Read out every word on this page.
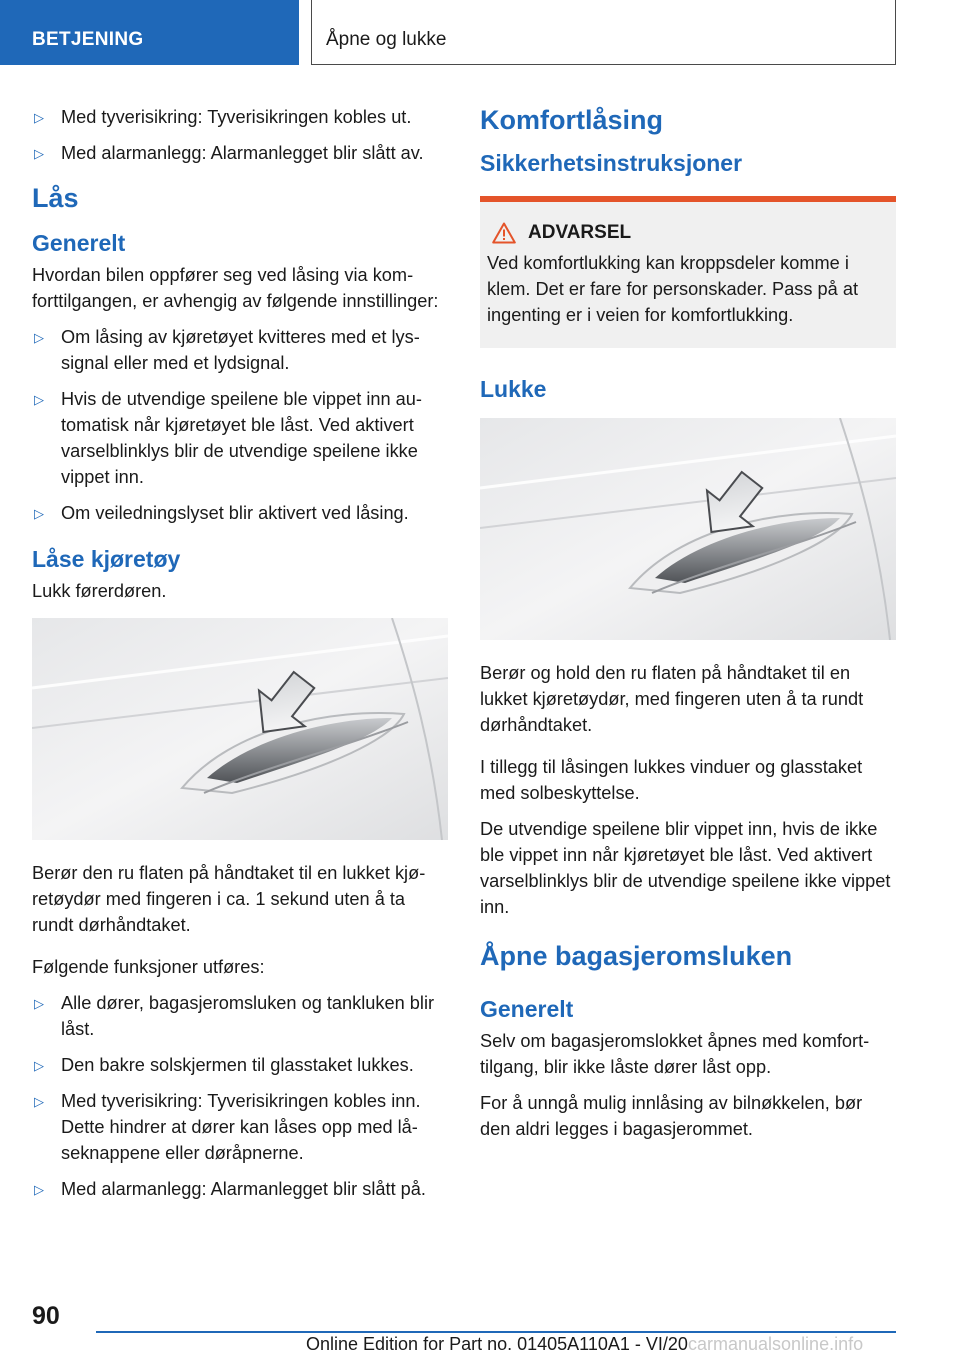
BETJENING	Åpne og lukke
▷ Med tyverisikring: Tyverisikringen kobles ut.
▷ Med alarmanlegg: Alarmanlegget blir slått av.
Lås
Generelt

Hvordan bilen oppfører seg ved låsing via komforttilgangen, er avhengig av følgende innstillinger:

▷ Om låsing av kjøretøyet kvitteres med et lyssignal eller med et lydsignal.
▷ Hvis de utvendige speilene ble vippet inn automatisk når kjøretøyet ble låst. Ved aktivert varselblinklys blir de utvendige speilene ikke vippet inn.
▷ Om veiledningslyset blir aktivert ved låsing.
Låse kjøretøy

Lukk førerdøren.

Berør den ru flaten på håndtaket til en lukket kjøretøydør med fingeren i ca. 1 sekund uten å ta rundt dørhåndtaket.

Følgende funksjoner utføres:

▷ Alle dører, bagasjeromsluken og tankluken blir låst.
▷ Den bakre solskjermen til glasstaket lukkes.
▷ Med tyverisikring: Tyverisikringen kobles inn. Dette hindrer at dører kan låses opp med låseknappene eller døråpnerne.
▷ Med alarmanlegg: Alarmanlegget blir slått på.
Komfortlåsing
Sikkerhetsinstruksjoner
ADVARSEL

Ved komfortlukking kan kroppsdeler komme i klem. Det er fare for personskader. Pass på at ingenting er i veien for komfortlukking.

Lukke

Berør og hold den ru flaten på håndtaket til en lukket kjøretøydør, med fingeren uten å ta rundt dørhåndtaket.

I tillegg til låsingen lukkes vinduer og glasstaket med solbeskyttelse.

De utvendige speilene blir vippet inn, hvis de ikke ble vippet inn når kjøretøyet ble låst. Ved aktivert varselblinklys blir de utvendige speilene ikke vippet inn.

Åpne bagasjeromsluken
Generelt

Selv om bagasjeromslokket åpnes med komforttilgang, blir ikke låste dører låst opp.

For å unngå mulig innlåsing av bilnøkkelen, bør den aldri legges i bagasjerommet.

90
Online Edition for Part no. 01405A110A1 - VI/20 carmanualsonline.info
